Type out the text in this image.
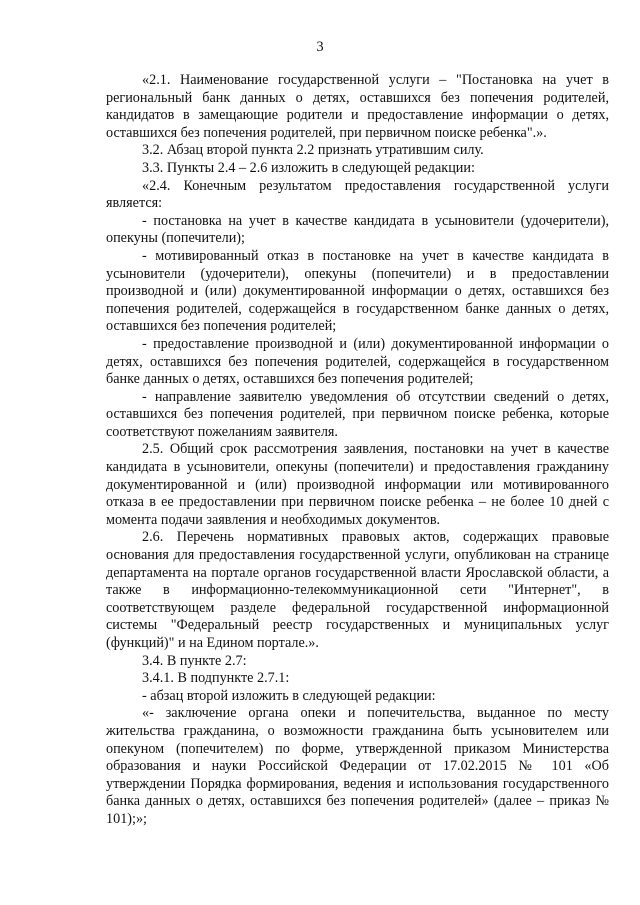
3

«2.1. Наименование государственной услуги – "Постановка на учет в региональный банк данных о детях, оставшихся без попечения родителей, кандидатов в замещающие родители и предоставление информации о детях, оставшихся без попечения родителей, при первичном поиске ребенка".».

3.2. Абзац второй пункта 2.2 признать утратившим силу.

3.3. Пункты 2.4 – 2.6 изложить в следующей редакции:

«2.4. Конечным результатом предоставления государственной услуги является:

- постановка на учет в качестве кандидата в усыновители (удочерители), опекуны (попечители);

- мотивированный отказ в постановке на учет в качестве кандидата в усыновители (удочерители), опекуны (попечители) и в предоставлении производной и (или) документированной информации о детях, оставшихся без попечения родителей, содержащейся в государственном банке данных о детях, оставшихся без попечения родителей;

- предоставление производной и (или) документированной информации о детях, оставшихся без попечения родителей, содержащейся в государственном банке данных о детях, оставшихся без попечения родителей;

- направление заявителю уведомления об отсутствии сведений о детях, оставшихся без попечения родителей, при первичном поиске ребенка, которые соответствуют пожеланиям заявителя.

2.5. Общий срок рассмотрения заявления, постановки на учет в качестве кандидата в усыновители, опекуны (попечители) и предоставления гражданину документированной и (или) производной информации или мотивированного отказа в ее предоставлении при первичном поиске ребенка – не более 10 дней с момента подачи заявления и необходимых документов.

2.6. Перечень нормативных правовых актов, содержащих правовые основания для предоставления государственной услуги, опубликован на странице департамента на портале органов государственной власти Ярославской области, а также в информационно-телекоммуникационной сети "Интернет", в соответствующем разделе федеральной государственной информационной системы "Федеральный реестр государственных и муниципальных услуг (функций)" и на Едином портале.».

3.4. В пункте 2.7:

3.4.1. В подпункте 2.7.1:

- абзац второй изложить в следующей редакции:

«- заключение органа опеки и попечительства, выданное по месту жительства гражданина, о возможности гражданина быть усыновителем или опекуном (попечителем) по форме, утвержденной приказом Министерства образования и науки Российской Федерации от 17.02.2015 № 101 «Об утверждении Порядка формирования, ведения и использования государственного банка данных о детях, оставшихся без попечения родителей» (далее – приказ № 101);»;
